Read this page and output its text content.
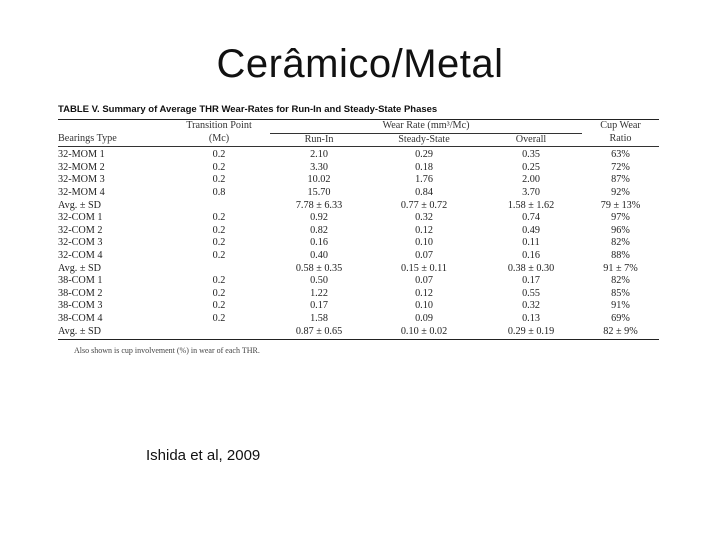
Cerâmico/Metal
TABLE V. Summary of Average THR Wear-Rates for Run-In and Steady-State Phases
	Transition Point	Wear Rate (mm³/Mc)			Cup Wear
Bearings Type	(Mc)	Run-In	Steady-State	Overall	Ratio
32-MOM 1	0.2	2.10	0.29	0.35	63%
32-MOM 2	0.2	3.30	0.18	0.25	72%
32-MOM 3	0.2	10.02	1.76	2.00	87%
32-MOM 4	0.8	15.70	0.84	3.70	92%
Avg. ± SD		7.78 ± 6.33	0.77 ± 0.72	1.58 ± 1.62	79 ± 13%
32-COM 1	0.2	0.92	0.32	0.74	97%
32-COM 2	0.2	0.82	0.12	0.49	96%
32-COM 3	0.2	0.16	0.10	0.11	82%
32-COM 4	0.2	0.40	0.07	0.16	88%
Avg. ± SD		0.58 ± 0.35	0.15 ± 0.11	0.38 ± 0.30	91 ± 7%
38-COM 1	0.2	0.50	0.07	0.17	82%
38-COM 2	0.2	1.22	0.12	0.55	85%
38-COM 3	0.2	0.17	0.10	0.32	91%
38-COM 4	0.2	1.58	0.09	0.13	69%
Avg. ± SD		0.87 ± 0.65	0.10 ± 0.02	0.29 ± 0.19	82 ± 9%
Also shown is cup involvement (%) in wear of each THR.
Ishida et al, 2009
